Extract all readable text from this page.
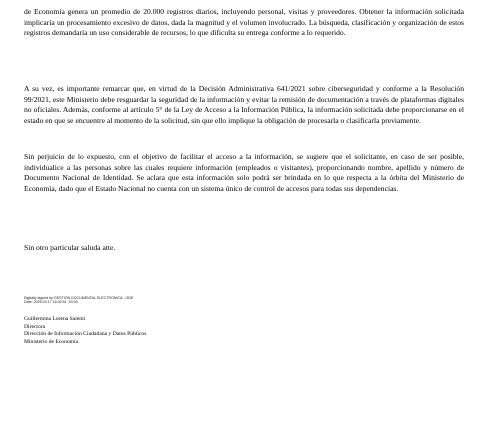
de Economía genera un promedio de 20.000 registros diarios, incluyendo personal, visitas y proveedores. Obtener la información solicitada implicaría un procesamiento excesivo de datos, dada la magnitud y el volumen involucrado. La búsqueda, clasificación y organización de estos registros demandaría un uso considerable de recursos, lo que dificulta su entrega conforme a lo requerido.

A su vez, es importante remarcar que, en virtud de la Decisión Administrativa 641/2021 sobre ciberseguridad y conforme a la Resolución 99/2021, este Ministerio debe resguardar la seguridad de la información y evitar la remisión de documentación a través de plataformas digitales no oficiales. Además, conforme al artículo 5° de la Ley de Acceso a la Información Pública, la información solicitada debe proporcionarse en el estado en que se encuentre al momento de la solicitud, sin que ello implique la obligación de procesarla o clasificarla previamente.

Sin perjuicio de lo expuesto, con el objetivo de facilitar el acceso a la información, se sugiere que el solicitante, en caso de ser posible, individualice a las personas sobre las cuales requiere información (empleados o visitantes), proporcionando nombre, apellido y número de Documento Nacional de Identidad. Se aclara que esta información solo podrá ser brindada en lo que respecta a la órbita del Ministerio de Economía, dado que el Estado Nacional no cuenta con un sistema único de control de accesos para todas sus dependencias.

Sin otro particular saluda atte.

Digitally signed by GESTION DOCUMENTAL ELECTRONICA - GDE
Date: 2025.03.17 16:30:51 -03:00
Guillermina Lorena Salemi
Directora
Dirección de Información Ciudadana y Datos Públicos
Ministerio de Economía
